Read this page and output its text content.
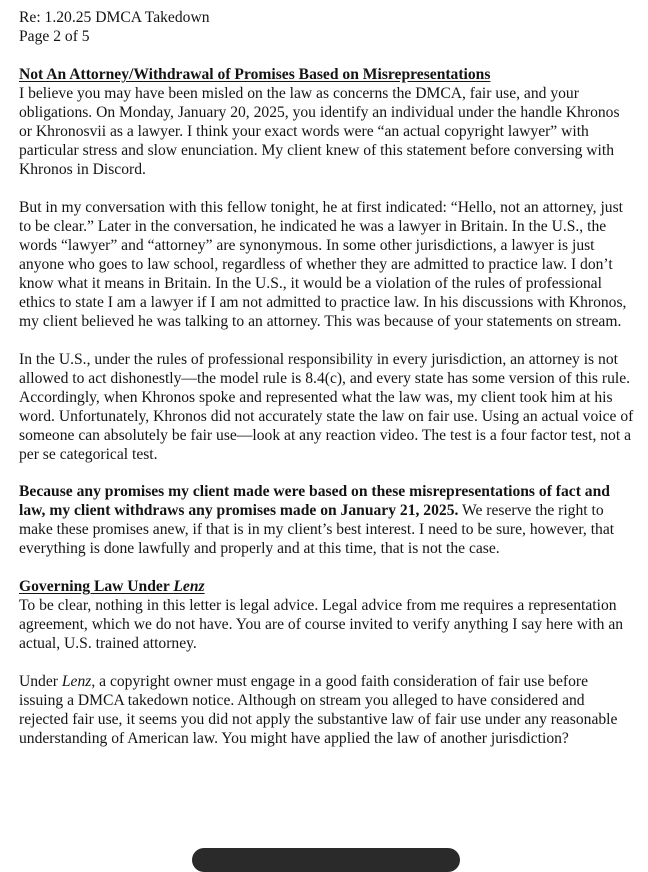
Re: 1.20.25 DMCA Takedown
Page 2 of 5
Not An Attorney/Withdrawal of Promises Based on Misrepresentations

I believe you may have been misled on the law as concerns the DMCA, fair use, and your obligations. On Monday, January 20, 2025, you identify an individual under the handle Khronos or Khronosvii as a lawyer. I think your exact words were “an actual copyright lawyer” with particular stress and slow enunciation. My client knew of this statement before conversing with Khronos in Discord.

But in my conversation with this fellow tonight, he at first indicated: “Hello, not an attorney, just to be clear.” Later in the conversation, he indicated he was a lawyer in Britain. In the U.S., the words “lawyer” and “attorney” are synonymous. In some other jurisdictions, a lawyer is just anyone who goes to law school, regardless of whether they are admitted to practice law. I don’t know what it means in Britain. In the U.S., it would be a violation of the rules of professional ethics to state I am a lawyer if I am not admitted to practice law. In his discussions with Khronos, my client believed he was talking to an attorney. This was because of your statements on stream.

In the U.S., under the rules of professional responsibility in every jurisdiction, an attorney is not allowed to act dishonestly—the model rule is 8.4(c), and every state has some version of this rule. Accordingly, when Khronos spoke and represented what the law was, my client took him at his word. Unfortunately, Khronos did not accurately state the law on fair use. Using an actual voice of someone can absolutely be fair use—look at any reaction video. The test is a four factor test, not a per se categorical test.

Because any promises my client made were based on these misrepresentations of fact and law, my client withdraws any promises made on January 21, 2025. We reserve the right to make these promises anew, if that is in my client’s best interest. I need to be sure, however, that everything is done lawfully and properly and at this time, that is not the case.

Governing Law Under Lenz

To be clear, nothing in this letter is legal advice. Legal advice from me requires a representation agreement, which we do not have. You are of course invited to verify anything I say here with an actual, U.S. trained attorney.

Under Lenz, a copyright owner must engage in a good faith consideration of fair use before issuing a DMCA takedown notice. Although on stream you alleged to have considered and rejected fair use, it seems you did not apply the substantive law of fair use under any reasonable understanding of American law. You might have applied the law of another jurisdiction?
